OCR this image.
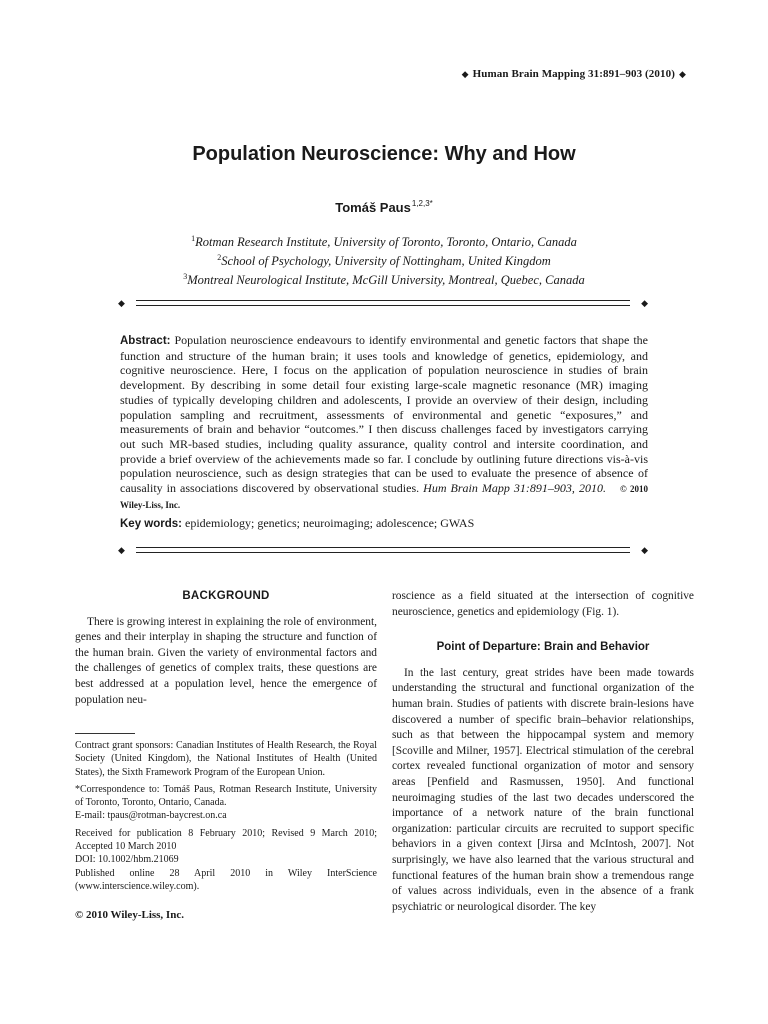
◆ Human Brain Mapping 31:891–903 (2010) ◆
Population Neuroscience: Why and How
Tomáš Paus$^{1,2,3*}$
$^1$Rotman Research Institute, University of Toronto, Toronto, Ontario, Canada
$^2$School of Psychology, University of Nottingham, United Kingdom
$^3$Montreal Neurological Institute, McGill University, Montreal, Quebec, Canada
◆	◆
Abstract: Population neuroscience endeavours to identify environmental and genetic factors that shape the function and structure of the human brain; it uses tools and knowledge of genetics, epidemiology, and cognitive neuroscience. Here, I focus on the application of population neuroscience in studies of brain development. By describing in some detail four existing large-scale magnetic resonance (MR) imaging studies of typically developing children and adolescents, I provide an overview of their design, including population sampling and recruitment, assessments of environmental and genetic “exposures,” and measurements of brain and behavior “outcomes.” I then discuss challenges faced by investigators carrying out such MR-based studies, including quality assurance, quality control and intersite coordination, and provide a brief overview of the achievements made so far. I conclude by outlining future directions vis-à-vis population neuroscience, such as design strategies that can be used to evaluate the presence of absence of causality in associations discovered by observational studies. Hum Brain Mapp 31:891–903, 2010. © 2010 Wiley-Liss, Inc.
Key words: epidemiology; genetics; neuroimaging; adolescence; GWAS
◆	◆
BACKGROUND

There is growing interest in explaining the role of environment, genes and their interplay in shaping the structure and function of the human brain. Given the variety of environmental factors and the challenges of genetics of complex traits, these questions are best addressed at a population level, hence the emergence of population neu-

Contract grant sponsors: Canadian Institutes of Health Research, the Royal Society (United Kingdom), the National Institutes of Health (United States), the Sixth Framework Program of the European Union.

*Correspondence to: Tomáš Paus, Rotman Research Institute, University of Toronto, Toronto, Ontario, Canada.

E-mail: tpaus@rotman-baycrest.on.ca

Received for publication 8 February 2010; Revised 9 March 2010; Accepted 10 March 2010

DOI: 10.1002/hbm.21069

Published online 28 April 2010 in Wiley InterScience (www.interscience.wiley.com).

© 2010 Wiley-Liss, Inc.

roscience as a field situated at the intersection of cognitive neuroscience, genetics and epidemiology (Fig. 1).

Point of Departure: Brain and Behavior

In the last century, great strides have been made towards understanding the structural and functional organization of the human brain. Studies of patients with discrete brain-lesions have discovered a number of specific brain–behavior relationships, such as that between the hippocampal system and memory [Scoville and Milner, 1957]. Electrical stimulation of the cerebral cortex revealed functional organization of motor and sensory areas [Penfield and Rasmussen, 1950]. And functional neuroimaging studies of the last two decades underscored the importance of a network nature of the brain functional organization: particular circuits are recruited to support specific behaviors in a given context [Jirsa and McIntosh, 2007]. Not surprisingly, we have also learned that the various structural and functional features of the human brain show a tremendous range of values across individuals, even in the absence of a frank psychiatric or neurological disorder. The key
